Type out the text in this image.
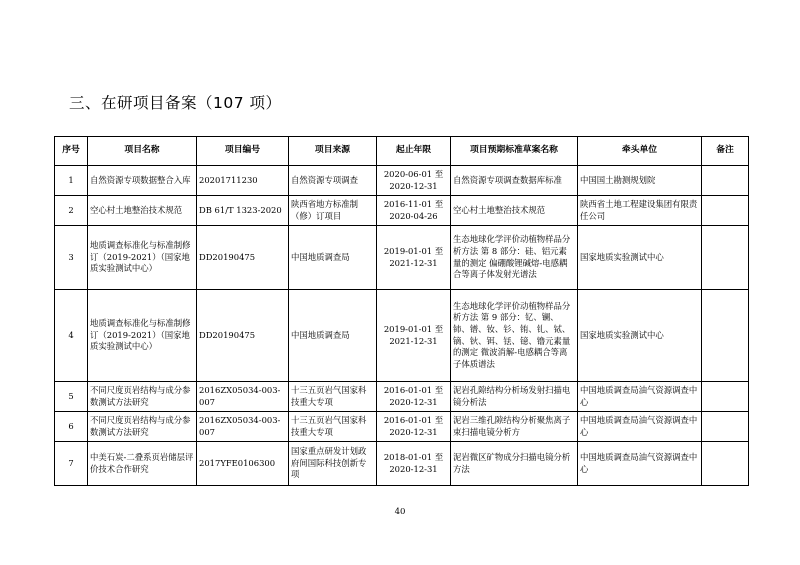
三、在研项目备案（107 项）
序号	项目名称	项目编号	项目来源	起止年限	项目预期标准草案名称	牵头单位	备注
1	自然资源专项数据整合入库	20201711230	自然资源专项调查	2020-06-01 至 2020-12-31	自然资源专项调查数据库标准	中国国土勘测规划院	
2	空心村土地整治技术规范	DB 61/T 1323-2020	陕西省地方标准制（修）订项目	2016-11-01 至 2020-04-26	空心村土地整治技术规范	陕西省土地工程建设集团有限责任公司	
3	地质调查标准化与标准制修订（2019-2021）（国家地质实验测试中心）	DD20190475	中国地质调查局	2019-01-01 至 2021-12-31	生态地球化学评价动植物样品分析方法 第 8 部分：硅、铝元素量的测定 偏硼酸锂碱熔-电感耦合等离子体发射光谱法	国家地质实验测试中心	
4	地质调查标准化与标准制修订（2019-2021）（国家地质实验测试中心）	DD20190475	中国地质调查局	2019-01-01 至 2021-12-31	生态地球化学评价动植物样品分析方法 第 9 部分：钇、镧、铈、镨、钕、钐、铕、钆、铽、镝、钬、铒、铥、镱、镥元素量的测定 微波消解-电感耦合等离子体质谱法	国家地质实验测试中心	
5	不同尺度页岩结构与成分参数测试方法研究	2016ZX05034-003-007	十三五页岩气国家科技重大专项	2016-01-01 至 2020-12-31	泥岩孔隙结构分析场发射扫描电镜分析法	中国地质调查局油气资源调查中心	
6	不同尺度页岩结构与成分参数测试方法研究	2016ZX05034-003-007	十三五页岩气国家科技重大专项	2016-01-01 至 2020-12-31	泥岩三维孔隙结构分析聚焦离子束扫描电镜分析方	中国地质调查局油气资源调查中心	
7	中美石炭-二叠系页岩储层评价技术合作研究	2017YFE0106300	国家重点研发计划政府间国际科技创新专项	2018-01-01 至 2020-12-31	泥岩微区矿物成分扫描电镜分析方法	中国地质调查局油气资源调查中心	
40
